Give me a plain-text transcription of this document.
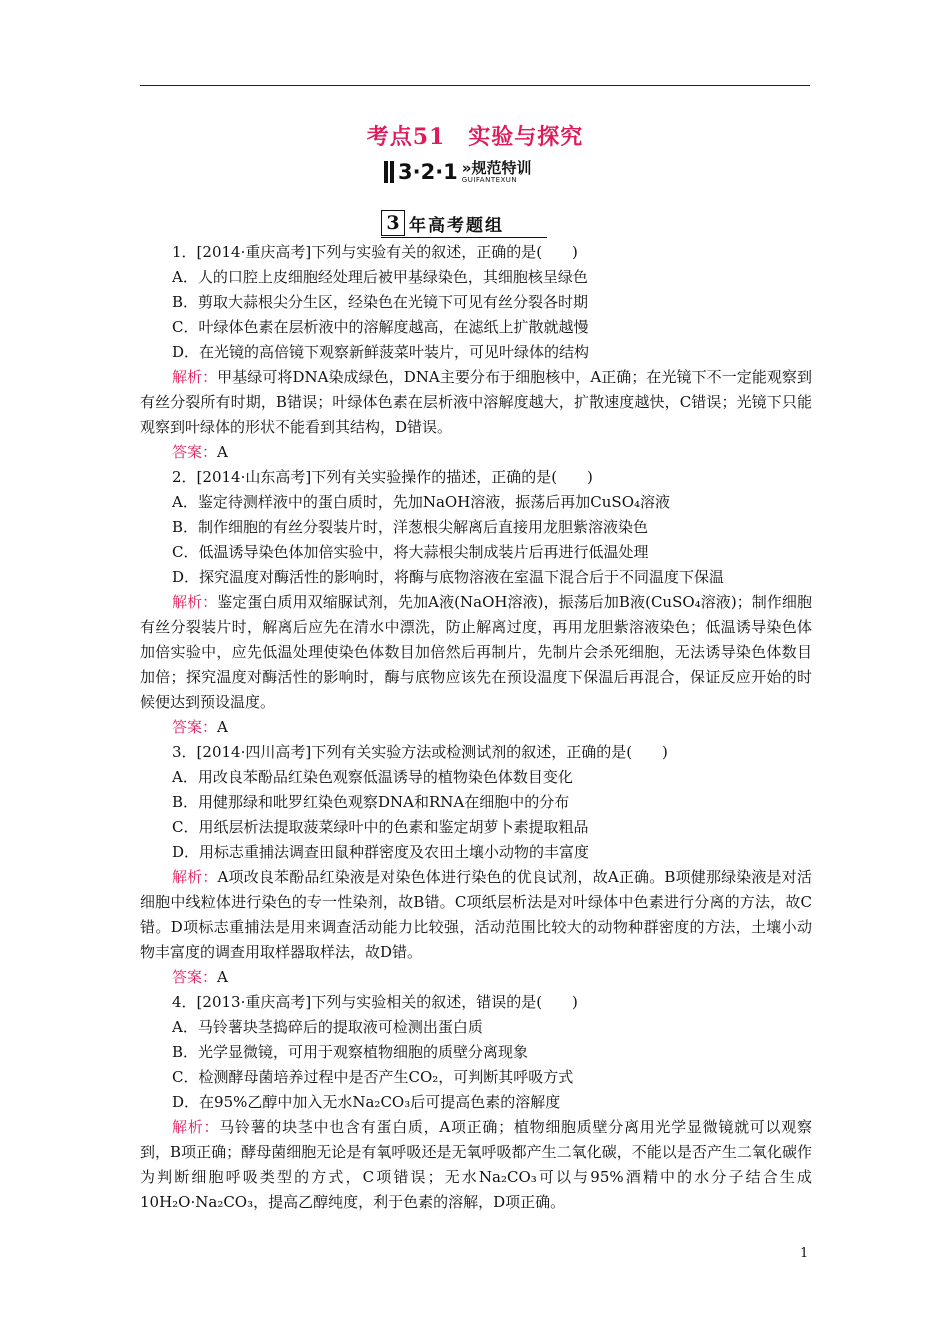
考点51　实验与探究
3·2·1 »规范特训
GUIFANTEXUN
3 年高考题组
1．[2014·重庆高考]下列与实验有关的叙述，正确的是(　　)
A．人的口腔上皮细胞经处理后被甲基绿染色，其细胞核呈绿色
B．剪取大蒜根尖分生区，经染色在光镜下可见有丝分裂各时期
C．叶绿体色素在层析液中的溶解度越高，在滤纸上扩散就越慢
D．在光镜的高倍镜下观察新鲜菠菜叶装片，可见叶绿体的结构
解析：甲基绿可将DNA染成绿色，DNA主要分布于细胞核中，A正确；在光镜下不一定能观察到有丝分裂所有时期，B错误；叶绿体色素在层析液中溶解度越大，扩散速度越快，C错误；光镜下只能观察到叶绿体的形状不能看到其结构，D错误。
答案：A
2．[2014·山东高考]下列有关实验操作的描述，正确的是(　　)
A．鉴定待测样液中的蛋白质时，先加NaOH溶液，振荡后再加CuSO₄溶液
B．制作细胞的有丝分裂装片时，洋葱根尖解离后直接用龙胆紫溶液染色
C．低温诱导染色体加倍实验中，将大蒜根尖制成装片后再进行低温处理
D．探究温度对酶活性的影响时，将酶与底物溶液在室温下混合后于不同温度下保温
解析：鉴定蛋白质用双缩脲试剂，先加A液(NaOH溶液)，振荡后加B液(CuSO₄溶液)；制作细胞有丝分裂装片时，解离后应先在清水中漂洗，防止解离过度，再用龙胆紫溶液染色；低温诱导染色体加倍实验中，应先低温处理使染色体数目加倍然后再制片，先制片会杀死细胞，无法诱导染色体数目加倍；探究温度对酶活性的影响时，酶与底物应该先在预设温度下保温后再混合，保证反应开始的时候便达到预设温度。
答案：A
3．[2014·四川高考]下列有关实验方法或检测试剂的叙述，正确的是(　　)
A．用改良苯酚品红染色观察低温诱导的植物染色体数目变化
B．用健那绿和吡罗红染色观察DNA和RNA在细胞中的分布
C．用纸层析法提取菠菜绿叶中的色素和鉴定胡萝卜素提取粗品
D．用标志重捕法调查田鼠种群密度及农田土壤小动物的丰富度
解析：A项改良苯酚品红染液是对染色体进行染色的优良试剂，故A正确。B项健那绿染液是对活细胞中线粒体进行染色的专一性染剂，故B错。C项纸层析法是对叶绿体中色素进行分离的方法，故C错。D项标志重捕法是用来调查活动能力比较强，活动范围比较大的动物种群密度的方法，土壤小动物丰富度的调查用取样器取样法，故D错。
答案：A
4．[2013·重庆高考]下列与实验相关的叙述，错误的是(　　)
A．马铃薯块茎捣碎后的提取液可检测出蛋白质
B．光学显微镜，可用于观察植物细胞的质壁分离现象
C．检测酵母菌培养过程中是否产生CO₂，可判断其呼吸方式
D．在95%乙醇中加入无水Na₂CO₃后可提高色素的溶解度
解析：马铃薯的块茎中也含有蛋白质，A项正确；植物细胞质壁分离用光学显微镜就可以观察到，B项正确；酵母菌细胞无论是有氧呼吸还是无氧呼吸都产生二氧化碳，不能以是否产生二氧化碳作为判断细胞呼吸类型的方式，C项错误；无水Na₂CO₃可以与95%酒精中的水分子结合生成10H₂O·Na₂CO₃，提高乙醇纯度，利于色素的溶解，D项正确。
1
